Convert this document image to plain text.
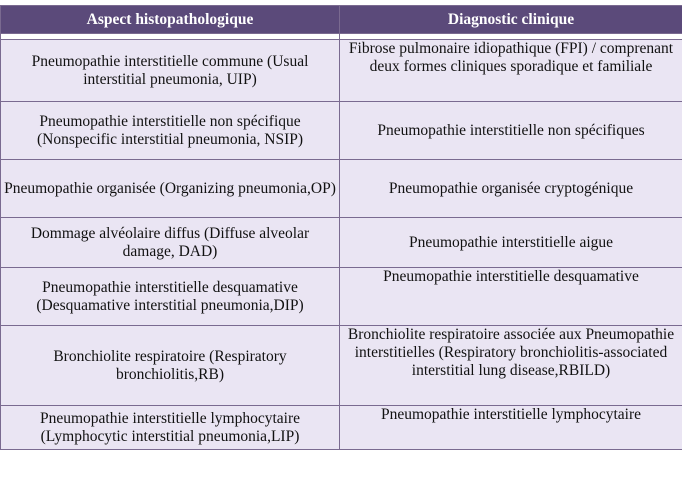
Aspect histopathologique	Diagnostic clinique

Pneumopathie interstitielle commune (Usual interstitial pneumonia, UIP)	Fibrose pulmonaire idiopathique (FPI) / comprenant deux formes cliniques sporadique et familiale
Pneumopathie interstitielle non spécifique (Nonspecific interstitial pneumonia, NSIP)	Pneumopathie interstitielle non spécifiques
Pneumopathie organisée (Organizing pneumonia,OP)	Pneumopathie organisée cryptogénique
Dommage alvéolaire diffus (Diffuse alveolar damage, DAD)	Pneumopathie interstitielle aigue
Pneumopathie interstitielle desquamative (Desquamative interstitial pneumonia,DIP)	Pneumopathie interstitielle desquamative
Bronchiolite respiratoire (Respiratory bronchiolitis,RB)	Bronchiolite respiratoire associée aux Pneumopathie interstitielles (Respiratory bronchiolitis-associated interstitial lung disease,RBILD)
Pneumopathie interstitielle lymphocytaire (Lymphocytic interstitial pneumonia,LIP)	Pneumopathie interstitielle lymphocytaire
